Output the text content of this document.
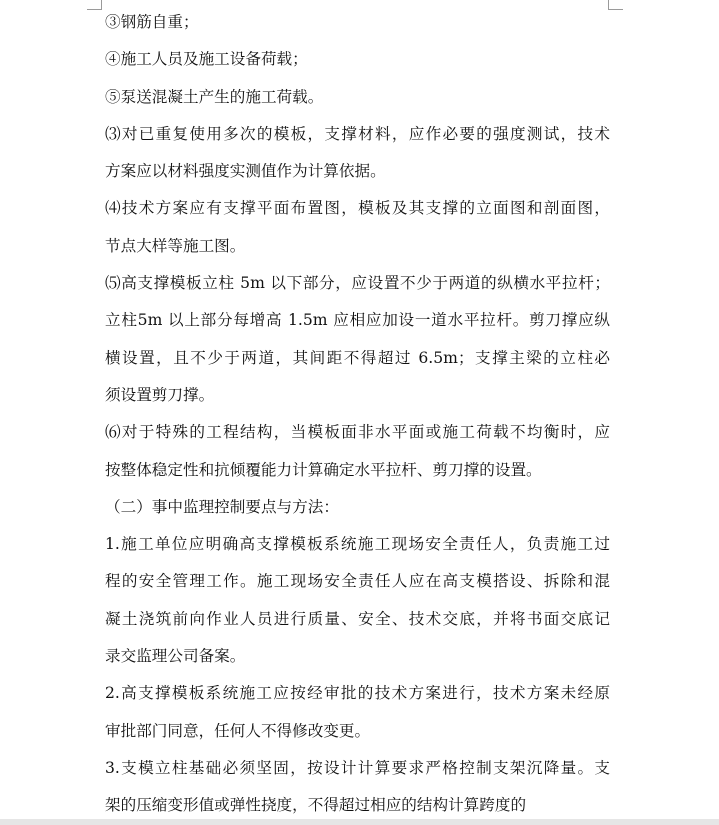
③钢筋自重；
④施工人员及施工设备荷载；
⑤泵送混凝土产生的施工荷载。
⑶对已重复使用多次的模板，支撑材料，应作必要的强度测试，技术
方案应以材料强度实测值作为计算依据。
⑷技术方案应有支撑平面布置图，模板及其支撑的立面图和剖面图，
节点大样等施工图。
⑸高支撑模板立柱 5m 以下部分，应设置不少于两道的纵横水平拉杆；
立柱5m 以上部分每增高 1.5m 应相应加设一道水平拉杆。剪刀撑应纵
横设置，且不少于两道，其间距不得超过 6.5m；支撑主梁的立柱必
须设置剪刀撑。
⑹对于特殊的工程结构，当模板面非水平面或施工荷载不均衡时，应
按整体稳定性和抗倾覆能力计算确定水平拉杆、剪刀撑的设置。
（二）事中监理控制要点与方法：
1.施工单位应明确高支撑模板系统施工现场安全责任人，负责施工过
程的安全管理工作。施工现场安全责任人应在高支模搭设、拆除和混
凝土浇筑前向作业人员进行质量、安全、技术交底，并将书面交底记
录交监理公司备案。
2.高支撑模板系统施工应按经审批的技术方案进行，技术方案未经原
审批部门同意，任何人不得修改变更。
3.支模立柱基础必须坚固，按设计计算要求严格控制支架沉降量。支
架的压缩变形值或弹性挠度，不得超过相应的结构计算跨度的
